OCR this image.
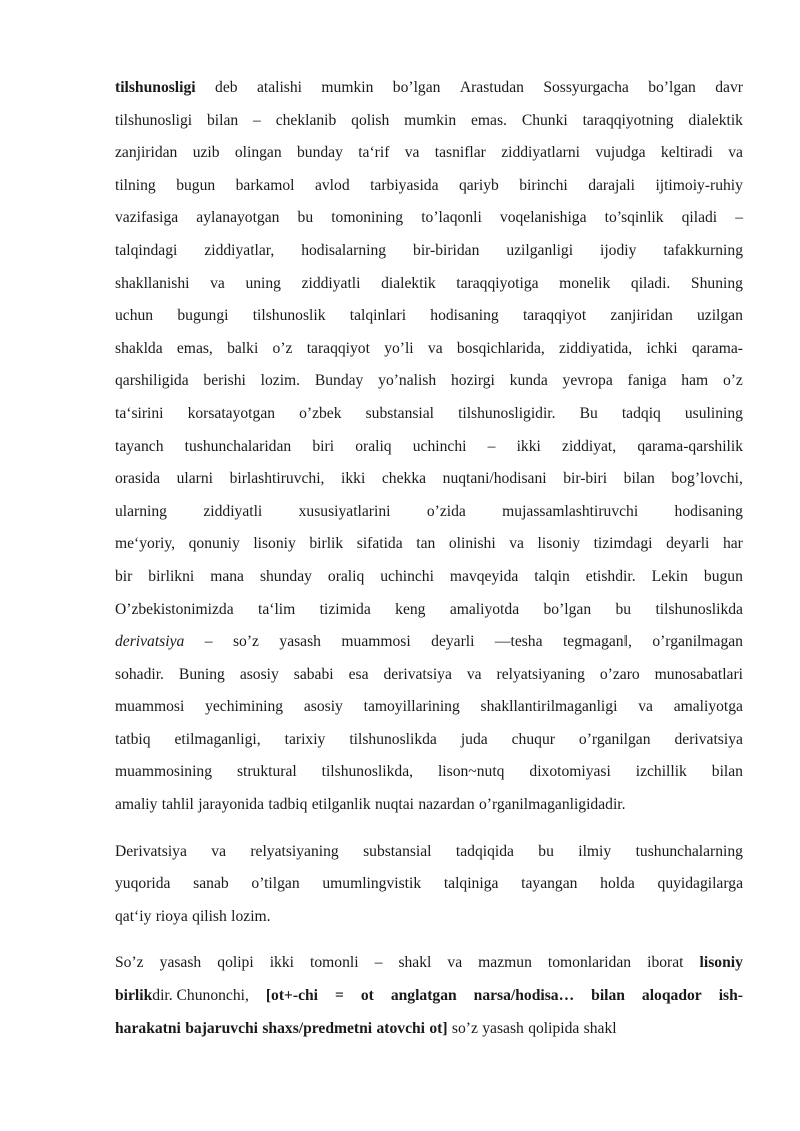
tilshunosligi deb atalishi mumkin bo’lgan Arastudan Sossyurgacha bo’lgan davr
tilshunosligi bilan – cheklanib qolish mumkin emas. Chunki taraqqiyotning dialektik
zanjiridan uzib olingan bunday ta‘rif va tasniflar ziddiyatlarni vujudga keltiradi va
tilning bugun barkamol avlod tarbiyasida qariyb birinchi darajali ijtimoiy-ruhiy
vazifasiga aylanayotgan bu tomonining to’laqonli voqelanishiga to’sqinlik qiladi –
talqindagi ziddiyatlar, hodisalarning bir-biridan uzilganligi ijodiy tafakkurning
shakllanishi va uning ziddiyatli dialektik taraqqiyotiga monelik qiladi. Shuning
uchun bugungi tilshunoslik talqinlari hodisaning taraqqiyot zanjiridan uzilgan
shaklda emas, balki o’z taraqqiyot yo’li va bosqichlarida, ziddiyatida, ichki qarama-
qarshiligida berishi lozim. Bunday yo’nalish hozirgi kunda yevropa faniga ham o’z
ta‘sirini korsatayotgan o’zbek substansial tilshunosligidir. Bu tadqiq usulining
tayanch tushunchalaridan biri oraliq uchinchi – ikki ziddiyat, qarama-qarshilik
orasida ularni birlashtiruvchi, ikki chekka nuqtani/hodisani bir-biri bilan bog’lovchi,
ularning ziddiyatli xususiyatlarini o’zida mujassamlashtiruvchi hodisaning
me‘yoriy, qonuniy lisoniy birlik sifatida tan olinishi va lisoniy tizimdagi deyarli har
bir birlikni mana shunday oraliq uchinchi mavqeyida talqin etishdir. Lekin bugun
O’zbekistonimizda ta‘lim tizimida keng amaliyotda bo’lgan bu tilshunoslikda
derivatsiya – so’z yasash muammosi deyarli ―tesha tegmagan‖, o’rganilmagan
sohadir. Buning asosiy sababi esa derivatsiya va relyatsiyaning o’zaro munosabatlari
muammosi yechimining asosiy tamoyillarining shakllantirilmaganligi va amaliyotga
tatbiq etilmaganligi, tarixiy tilshunoslikda juda chuqur o’rganilgan derivatsiya
muammosining struktural tilshunoslikda, lison~nutq dixotomiyasi izchillik bilan
amaliy tahlil jarayonida tadbiq etilganlik nuqtai nazardan o’rganilmaganligidadir.
Derivatsiya va relyatsiyaning substansial tadqiqida bu ilmiy tushunchalarning
yuqorida sanab o’tilgan umumlingvistik talqiniga tayangan holda quyidagilarga
qat‘iy rioya qilish lozim.
So’z yasash qolipi ikki tomonli – shakl va mazmun tomonlaridan iborat lisoniy
birlikdir. Chunonchi, [ot+-chi = ot anglatgan narsa/hodisa… bilan aloqador ish-
harakatni bajaruvchi shaxs/predmetni atovchi ot] so’z yasash qolipida shakl
